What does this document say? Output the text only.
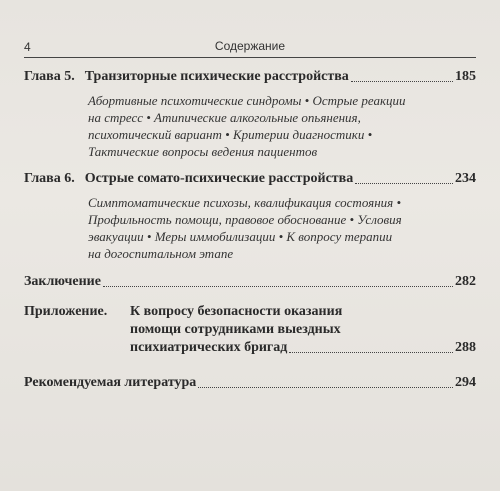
4	Содержание
Глава 5. Транзиторные психические расстройства	185
Абортивные психотические синдромы • Острые реакции
на стресс • Атипические алкогольные опьянения,
психотический вариант • Критерии диагностики •
Тактические вопросы ведения пациентов
Глава 6. Острые сомато-психические расстройства	234
Симптоматические психозы, квалификация состояния •
Профильность помощи, правовое обоснование • Условия
эвакуации • Меры иммобилизации • К вопросу терапии
на догоспитальном этапе
Заключение	282
Приложение.	К вопросу безопасности оказания
помощи сотрудниками выездных
психиатрических бригад	288
Рекомендуемая литература	294
